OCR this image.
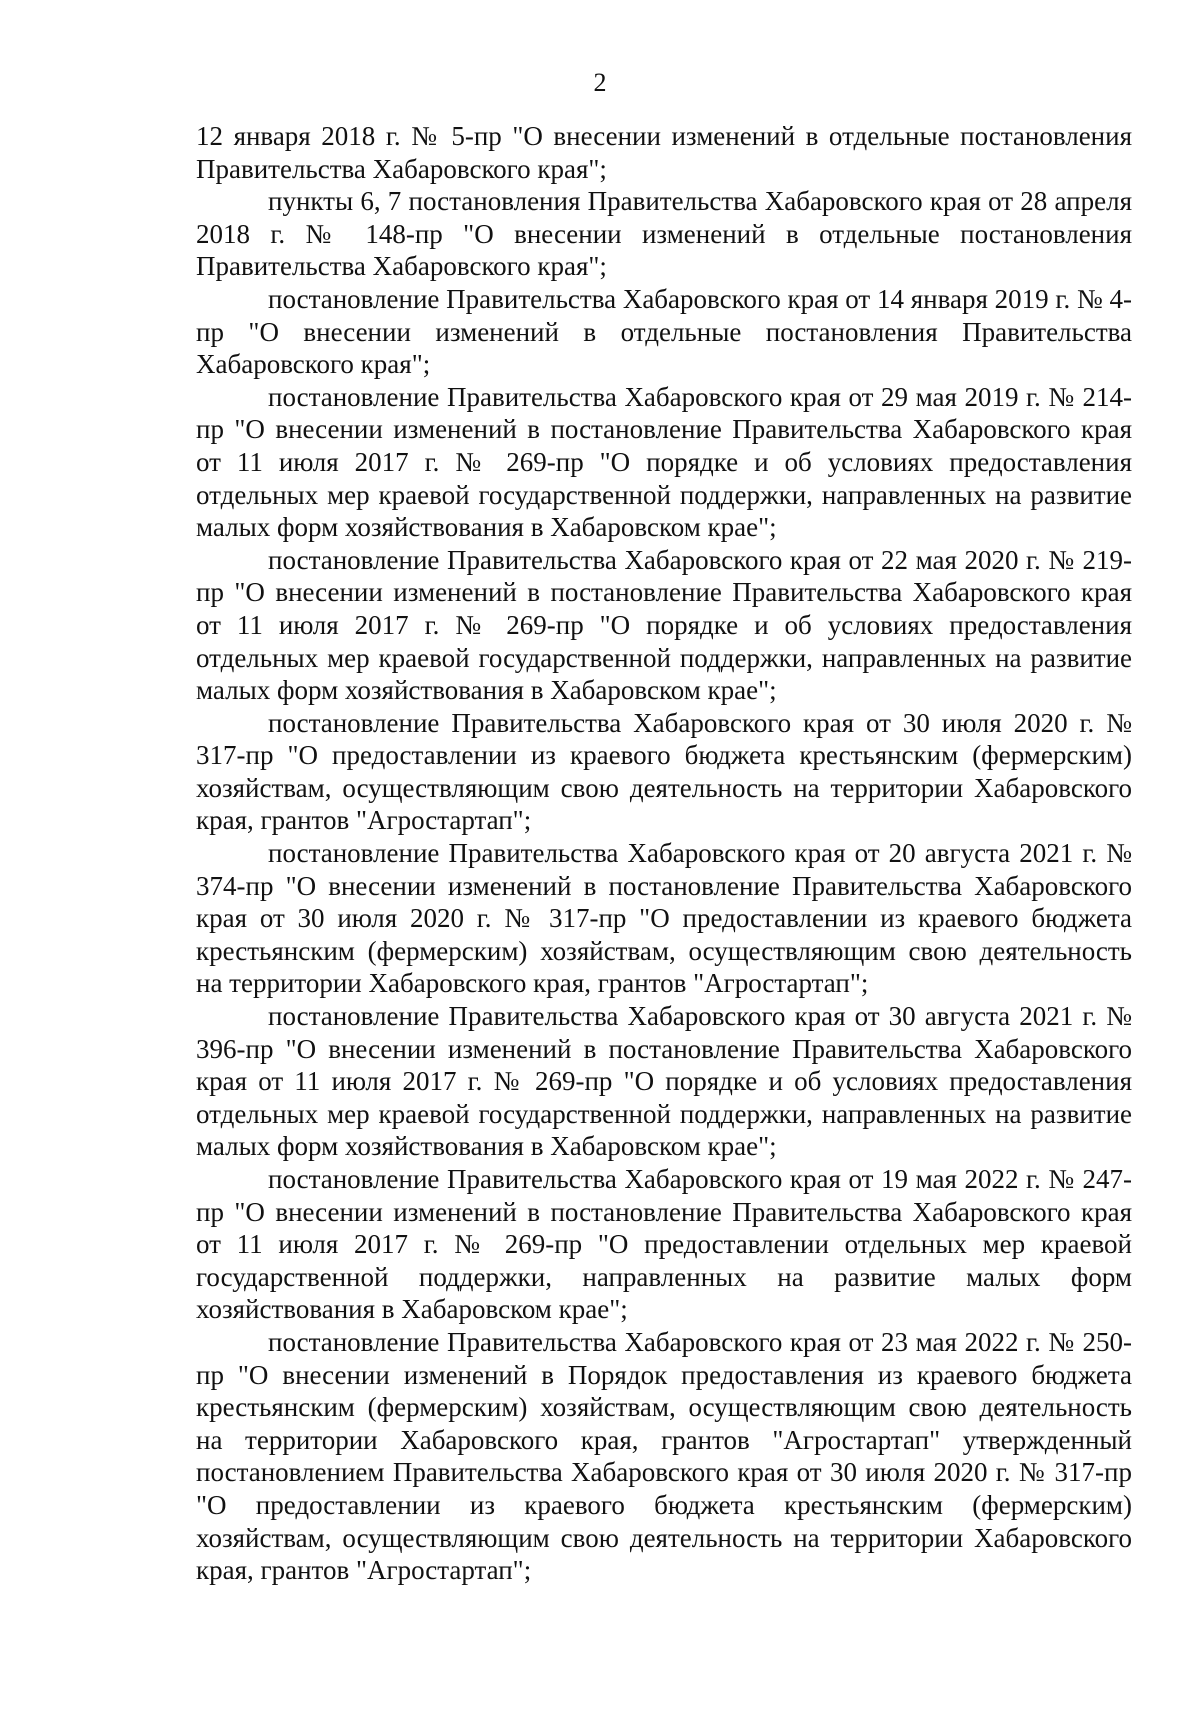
2

12 января 2018 г. № 5-пр "О внесении изменений в отдельные постановления Правительства Хабаровского края";

пункты 6, 7 постановления Правительства Хабаровского края от 28 апреля 2018 г. № 148-пр "О внесении изменений в отдельные постановления Правительства Хабаровского края";

постановление Правительства Хабаровского края от 14 января 2019 г. № 4-пр "О внесении изменений в отдельные постановления Правительства Хабаровского края";

постановление Правительства Хабаровского края от 29 мая 2019 г. № 214-пр "О внесении изменений в постановление Правительства Хабаровского края от 11 июля 2017 г. № 269-пр "О порядке и об условиях предоставления отдельных мер краевой государственной поддержки, направленных на развитие малых форм хозяйствования в Хабаровском крае";

постановление Правительства Хабаровского края от 22 мая 2020 г. № 219-пр "О внесении изменений в постановление Правительства Хабаровского края от 11 июля 2017 г. № 269-пр "О порядке и об условиях предоставления отдельных мер краевой государственной поддержки, направленных на развитие малых форм хозяйствования в Хабаровском крае";

постановление Правительства Хабаровского края от 30 июля 2020 г. № 317-пр "О предоставлении из краевого бюджета крестьянским (фермерским) хозяйствам, осуществляющим свою деятельность на территории Хабаровского края, грантов "Агростартап";

постановление Правительства Хабаровского края от 20 августа 2021 г. № 374-пр "О внесении изменений в постановление Правительства Хабаровского края от 30 июля 2020 г. № 317-пр "О предоставлении из краевого бюджета крестьянским (фермерским) хозяйствам, осуществляющим свою деятельность на территории Хабаровского края, грантов "Агростартап";

постановление Правительства Хабаровского края от 30 августа 2021 г. № 396-пр "О внесении изменений в постановление Правительства Хабаровского края от 11 июля 2017 г. № 269-пр "О порядке и об условиях предоставления отдельных мер краевой государственной поддержки, направленных на развитие малых форм хозяйствования в Хабаровском крае";

постановление Правительства Хабаровского края от 19 мая 2022 г. № 247-пр "О внесении изменений в постановление Правительства Хабаровского края от 11 июля 2017 г. № 269-пр "О предоставлении отдельных мер краевой государственной поддержки, направленных на развитие малых форм хозяйствования в Хабаровском крае";

постановление Правительства Хабаровского края от 23 мая 2022 г. № 250-пр "О внесении изменений в Порядок предоставления из краевого бюджета крестьянским (фермерским) хозяйствам, осуществляющим свою деятельность на территории Хабаровского края, грантов "Агростартап" утвержденный постановлением Правительства Хабаровского края от 30 июля 2020 г. № 317-пр "О предоставлении из краевого бюджета крестьянским (фермерским) хозяйствам, осуществляющим свою деятельность на территории Хабаровского края, грантов "Агростартап";
